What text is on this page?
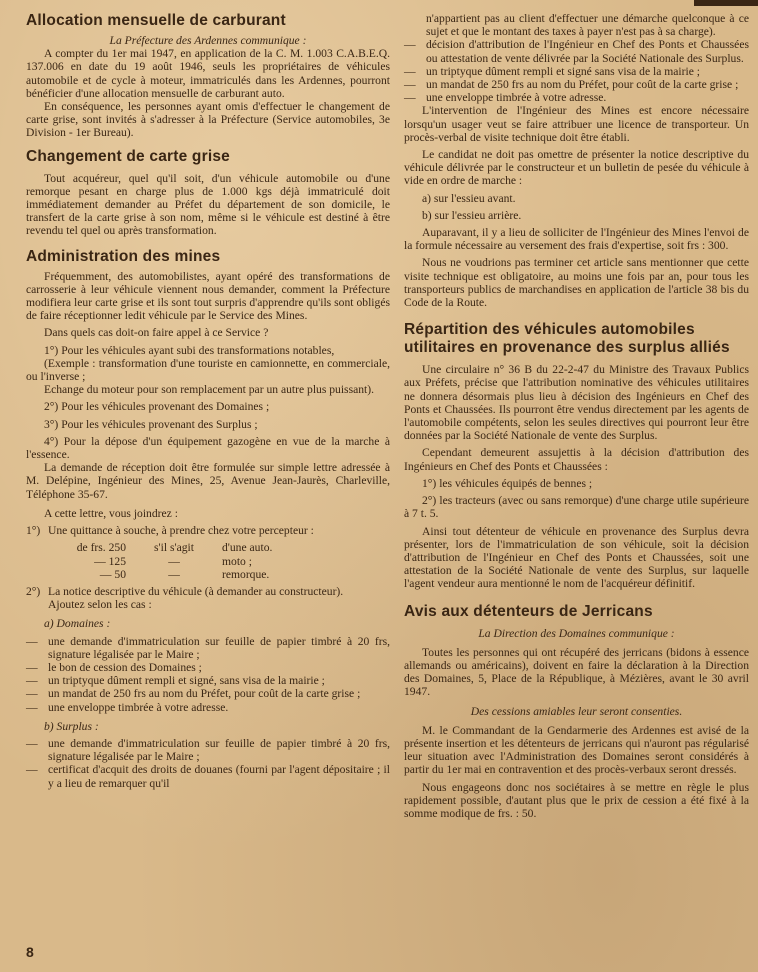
Allocation mensuelle de carburant

La Préfecture des Ardennes communique :

A compter du 1er mai 1947, en application de la C. M. 1.003 C.A.B.E.Q. 137.006 en date du 19 août 1946, seuls les propriétaires de véhicules automobile et de cycle à moteur, immatriculés dans les Ardennes, pourront bénéficier d'une allocation mensuelle de carburant auto.

En conséquence, les personnes ayant omis d'effectuer le changement de carte grise, sont invités à s'adresser à la Préfecture (Service automobiles, 3e Division - 1er Bureau).

Changement de carte grise

Tout acquéreur, quel qu'il soit, d'un véhicule automobile ou d'une remorque pesant en charge plus de 1.000 kgs déjà immatriculé doit immédiatement demander au Préfet du département de son domicile, le transfert de la carte grise à son nom, même si le véhicule est destiné à être revendu tel quel ou après transformation.

Administration des mines

Fréquemment, des automobilistes, ayant opéré des transformations de carrosserie à leur véhicule viennent nous demander, comment la Préfecture modifiera leur carte grise et ils sont tout surpris d'apprendre qu'ils sont obligés de faire réceptionner ledit véhicule par le Service des Mines.

Dans quels cas doit-on faire appel à ce Service ?

1°) Pour les véhicules ayant subi des transformations notables,

(Exemple : transformation d'une touriste en camionnette, en commerciale, ou l'inverse ;

Echange du moteur pour son remplacement par un autre plus puissant).

2°) Pour les véhicules provenant des Domaines ;

3°) Pour les véhicules provenant des Surplus ;

4°) Pour la dépose d'un équipement gazogène en vue de la marche à l'essence.

La demande de réception doit être formulée sur simple lettre adressée à M. Delépine, Ingénieur des Mines, 25, Avenue Jean-Jaurès, Charleville, Téléphone 35-67.

A cette lettre, vous joindrez :

1°) Une quittance à souche, à prendre chez votre percepteur :
de frs. 250	s'il s'agit	d'une auto.
— 125	—	moto ;
— 50	—	remorque.
2°) La notice descriptive du véhicule (à demander au constructeur).
Ajoutez selon les cas :

a) Domaines :

— une demande d'immatriculation sur feuille de papier timbré à 20 frs, signature légalisée par le Maire ;
— le bon de cession des Domaines ;
— un triptyque dûment rempli et signé, sans visa de la mairie ;
— un mandat de 250 frs au nom du Préfet, pour coût de la carte grise ;
— une enveloppe timbrée à votre adresse.

b) Surplus :

— une demande d'immatriculation sur feuille de papier timbré à 20 frs, signature légalisée par le Maire ;
— certificat d'acquit des droits de douanes (fourni par l'agent dépositaire ; il y a lieu de remarquer qu'il

n'appartient pas au client d'effectuer une démarche quelconque à ce sujet et que le montant des taxes à payer n'est pas à sa charge).

— décision d'attribution de l'Ingénieur en Chef des Ponts et Chaussées ou attestation de vente délivrée par la Société Nationale des Surplus.
— un triptyque dûment rempli et signé sans visa de la mairie ;
— un mandat de 250 frs au nom du Préfet, pour coût de la carte grise ;
— une enveloppe timbrée à votre adresse.

L'intervention de l'Ingénieur des Mines est encore nécessaire lorsqu'un usager veut se faire attribuer une licence de transporteur. Un procès-verbal de visite technique doit être établi.

Le candidat ne doit pas omettre de présenter la notice descriptive du véhicule délivrée par le constructeur et un bulletin de pesée du véhicule à vide en ordre de marche :

a) sur l'essieu avant.

b) sur l'essieu arrière.

Auparavant, il y a lieu de solliciter de l'Ingénieur des Mines l'envoi de la formule nécessaire au versement des frais d'expertise, soit frs : 300.

Nous ne voudrions pas terminer cet article sans mentionner que cette visite technique est obligatoire, au moins une fois par an, pour tous les transporteurs publics de marchandises en application de l'article 38 bis du Code de la Route.

Répartition des véhicules automobiles utilitaires en provenance des surplus alliés

Une circulaire n° 36 B du 22-2-47 du Ministre des Travaux Publics aux Préfets, précise que l'attribution nominative des véhicules utilitaires ne donnera désormais plus lieu à décision des Ingénieurs en Chef des Ponts et Chaussées. Ils pourront être vendus directement par les agents de l'automobile compétents, selon les seules directives qui pourront leur être données par la Société Nationale de vente des Surplus.

Cependant demeurent assujettis à la décision d'attribution des Ingénieurs en Chef des Ponts et Chaussées :

1°) les véhicules équipés de bennes ;

2°) les tracteurs (avec ou sans remorque) d'une charge utile supérieure à 7 t. 5.

Ainsi tout détenteur de véhicule en provenance des Surplus devra présenter, lors de l'immatriculation de son véhicule, soit la décision d'attribution de l'Ingénieur en Chef des Ponts et Chaussées, soit une attestation de la Société Nationale de vente des Surplus, sur laquelle l'agent vendeur aura mentionné le nom de l'acquéreur définitif.

Avis aux détenteurs de Jerricans

La Direction des Domaines communique :

Toutes les personnes qui ont récupéré des jerricans (bidons à essence allemands ou américains), doivent en faire la déclaration à la Direction des Domaines, 5, Place de la République, à Mézières, avant le 30 avril 1947.

Des cessions amiables leur seront consenties.

M. le Commandant de la Gendarmerie des Ardennes est avisé de la présente insertion et les détenteurs de jerricans qui n'auront pas régularisé leur situation avec l'Administration des Domaines seront considérés à partir du 1er mai en contravention et des procès-verbaux seront dressés.

Nous engageons donc nos sociétaires à se mettre en règle le plus rapidement possible, d'autant plus que le prix de cession a été fixé à la somme modique de frs. : 50.

8
